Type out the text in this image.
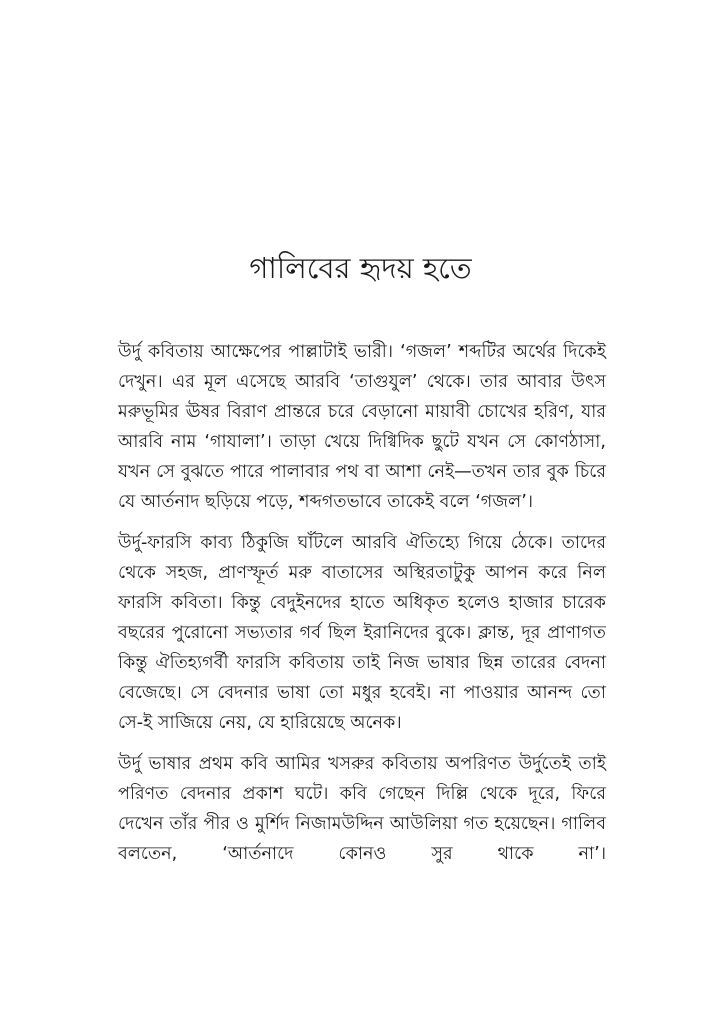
গালিবের হৃদয় হতে

উর্দু কবিতায় আক্ষেপের পাল্লাটাই ভারী। ‘গজল’ শব্দটির অর্থের দিকেই দেখুন। এর মূল এসেছে আরবি ‘তাগুযুল’ থেকে। তার আবার উৎস মরুভূমির ঊষর বিরাণ প্রান্তরে চরে বেড়ানো মায়াবী চোখের হরিণ, যার আরবি নাম ‘গাযালা’। তাড়া খেয়ে দিগ্বিদিক ছুটে যখন সে কোণঠাসা, যখন সে বুঝতে পারে পালাবার পথ বা আশা নেই—তখন তার বুক চিরে যে আর্তনাদ ছড়িয়ে পড়ে, শব্দগতভাবে তাকেই বলে ‘গজল’।

উর্দু-ফারসি কাব্য ঠিকুজি ঘাঁটলে আরবি ঐতিহ্যে গিয়ে ঠেকে। তাদের থেকে সহজ, প্রাণস্ফূর্ত মরু বাতাসের অস্থিরতাটুকু আপন করে নিল ফারসি কবিতা। কিন্তু বেদুইনদের হাতে অধিকৃত হলেও হাজার চারেক বছরের পুরোনো সভ্যতার গর্ব ছিল ইরানিদের বুকে। ক্লান্ত, দূর প্রাণাগত কিন্তু ঐতিহ্যগর্বী ফারসি কবিতায় তাই নিজ ভাষার ছিন্ন তারের বেদনা বেজেছে। সে বেদনার ভাষা তো মধুর হবেই। না পাওয়ার আনন্দ তো সে-ই সাজিয়ে নেয়, যে হারিয়েছে অনেক।

উর্দু ভাষার প্রথম কবি আমির খসরুর কবিতায় অপরিণত উর্দুতেই তাই পরিণত বেদনার প্রকাশ ঘটে। কবি গেছেন দিল্লি থেকে দূরে, ফিরে দেখেন তাঁর পীর ও মুর্শিদ নিজামউদ্দিন আউলিয়া গত হয়েছেন। গালিব বলতেন, ‘আর্তনাদে কোনও সুর থাকে না’।
